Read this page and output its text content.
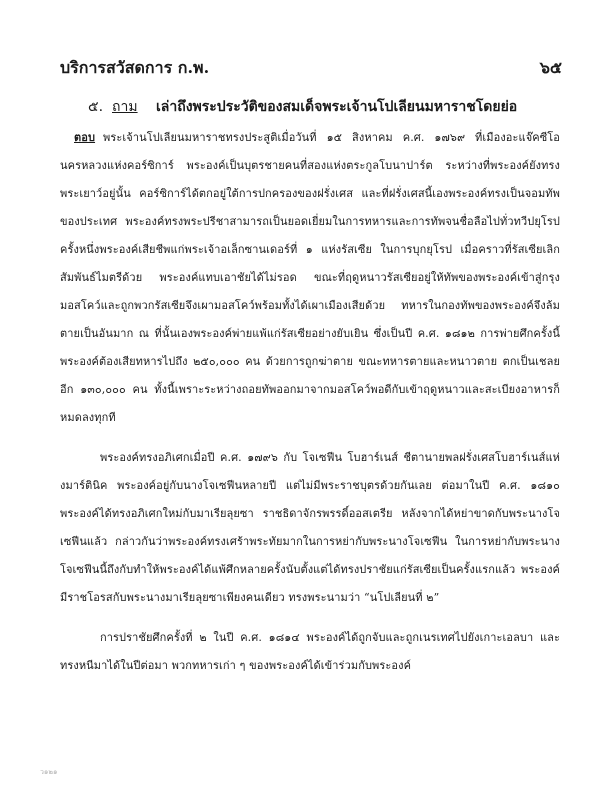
บริการสวัสดการ ก.พ.	๖๕
๕. ถาม เล่าถึงพระประวัติของสมเด็จพระเจ้านโปเลียนมหาราชโดยย่อ

ตอบ พระเจ้านโปเลียนมหาราชทรงประสูติเมื่อวันที่ ๑๕ สิงหาคม ค.ศ. ๑๗๖๙ ที่เมืองอะแจ๊คซีโอ นครหลวงแห่งคอร์ซิการ์ พระองค์เป็นบุตรชายคนที่สองแห่งตระกูลโบนาปาร์ต ระหว่างที่พระองค์ยังทรงพระเยาว์อยู่นั้น คอร์ซิการ์ได้ตกอยู่ใต้การปกครองของฝรั่งเศส และที่ฝรั่งเศสนี้เองพระองค์ทรงเป็นจอมทัพของประเทศ พระองค์ทรงพระปรีชาสามารถเป็นยอดเยี่ยมในการทหารและการทัพจนชื่อลือไปทั่วทวีปยุโรป ครั้งหนึ่งพระองค์เสียชีพแก่พระเจ้าอเล็กซานเดอร์ที่ ๑ แห่งรัสเซีย ในการบุกยุโรป เมื่อคราวที่รัสเซียเลิกสัมพันธ์ไมตรีด้วย พระองค์แทบเอาชัยได้ไม่รอด ขณะที่ฤดูหนาวรัสเซียอยู่ให้ทัพของพระองค์เข้าสู่กรุงมอสโคว์และถูกพวกรัสเซียจึงเผามอสโคว์พร้อมทั้งได้เผาเมืองเสียด้วย ทหารในกองทัพของพระองค์จึงล้มตายเป็นอันมาก ณ ที่นั้นเองพระองค์พ่ายแพ้แก่รัสเซียอย่างยับเยิน ซึ่งเป็นปี ค.ศ. ๑๘๑๒ การพ่ายศึกครั้งนี้ พระองค์ต้องเสียทหารไปถึง ๒๕๐,๐๐๐ คน ด้วยการถูกฆ่าตาย ขณะทหารตายและหนาวตาย ตกเป็นเชลยอีก ๑๓๐,๐๐๐ คน ทั้งนี้เพราะระหว่างถอยทัพออกมาจากมอสโคว์พอดีกับเข้าฤดูหนาวและสะเบียงอาหารก็หมดลงทุกที

พระองค์ทรงอภิเศกเมื่อปี ค.ศ. ๑๗๙๖ กับ โจเซฟีน โบฮาร์เนส์ ชีตานายพลฝรั่งเศสโบฮาร์เนส์แห่งมาร์ตินิค พระองค์อยู่กับนางโจเซฟีนหลายปี แต่ไม่มีพระราชบุตรด้วยกันเลย ต่อมาในปี ค.ศ. ๑๘๑๐ พระองค์ได้ทรงอภิเศกใหม่กับมาเรียลุยซา ราชธิดาจักรพรรดิ์ออสเตรีย หลังจากได้หย่าขาดกับพระนางโจเซฟีนแล้ว กล่าวกันว่าพระองค์ทรงเศร้าพระทัยมากในการหย่ากับพระนางโจเซฟีน ในการหย่ากับพระนางโจเซฟีนนี้ถึงกับทำให้พระองค์ได้แพ้ศึกหลายครั้งนับตั้งแต่ได้ทรงปราชัยแก่รัสเซียเป็นครั้งแรกแล้ว พระองค์มีราชโอรสกับพระนางมาเรียลุยซาเพียงคนเดียว ทรงพระนามว่า “นโปเลียนที่ ๒”

การปราชัยศึกครั้งที่ ๒ ในปี ค.ศ. ๑๘๑๔ พระองค์ได้ถูกจับและถูกเนรเทศไปยังเกาะเอลบา และทรงหนีมาได้ในปีต่อมา พวกทหารเก่า ๆ ของพระองค์ได้เข้าร่วมกับพระองค์

ว๑๒๑
